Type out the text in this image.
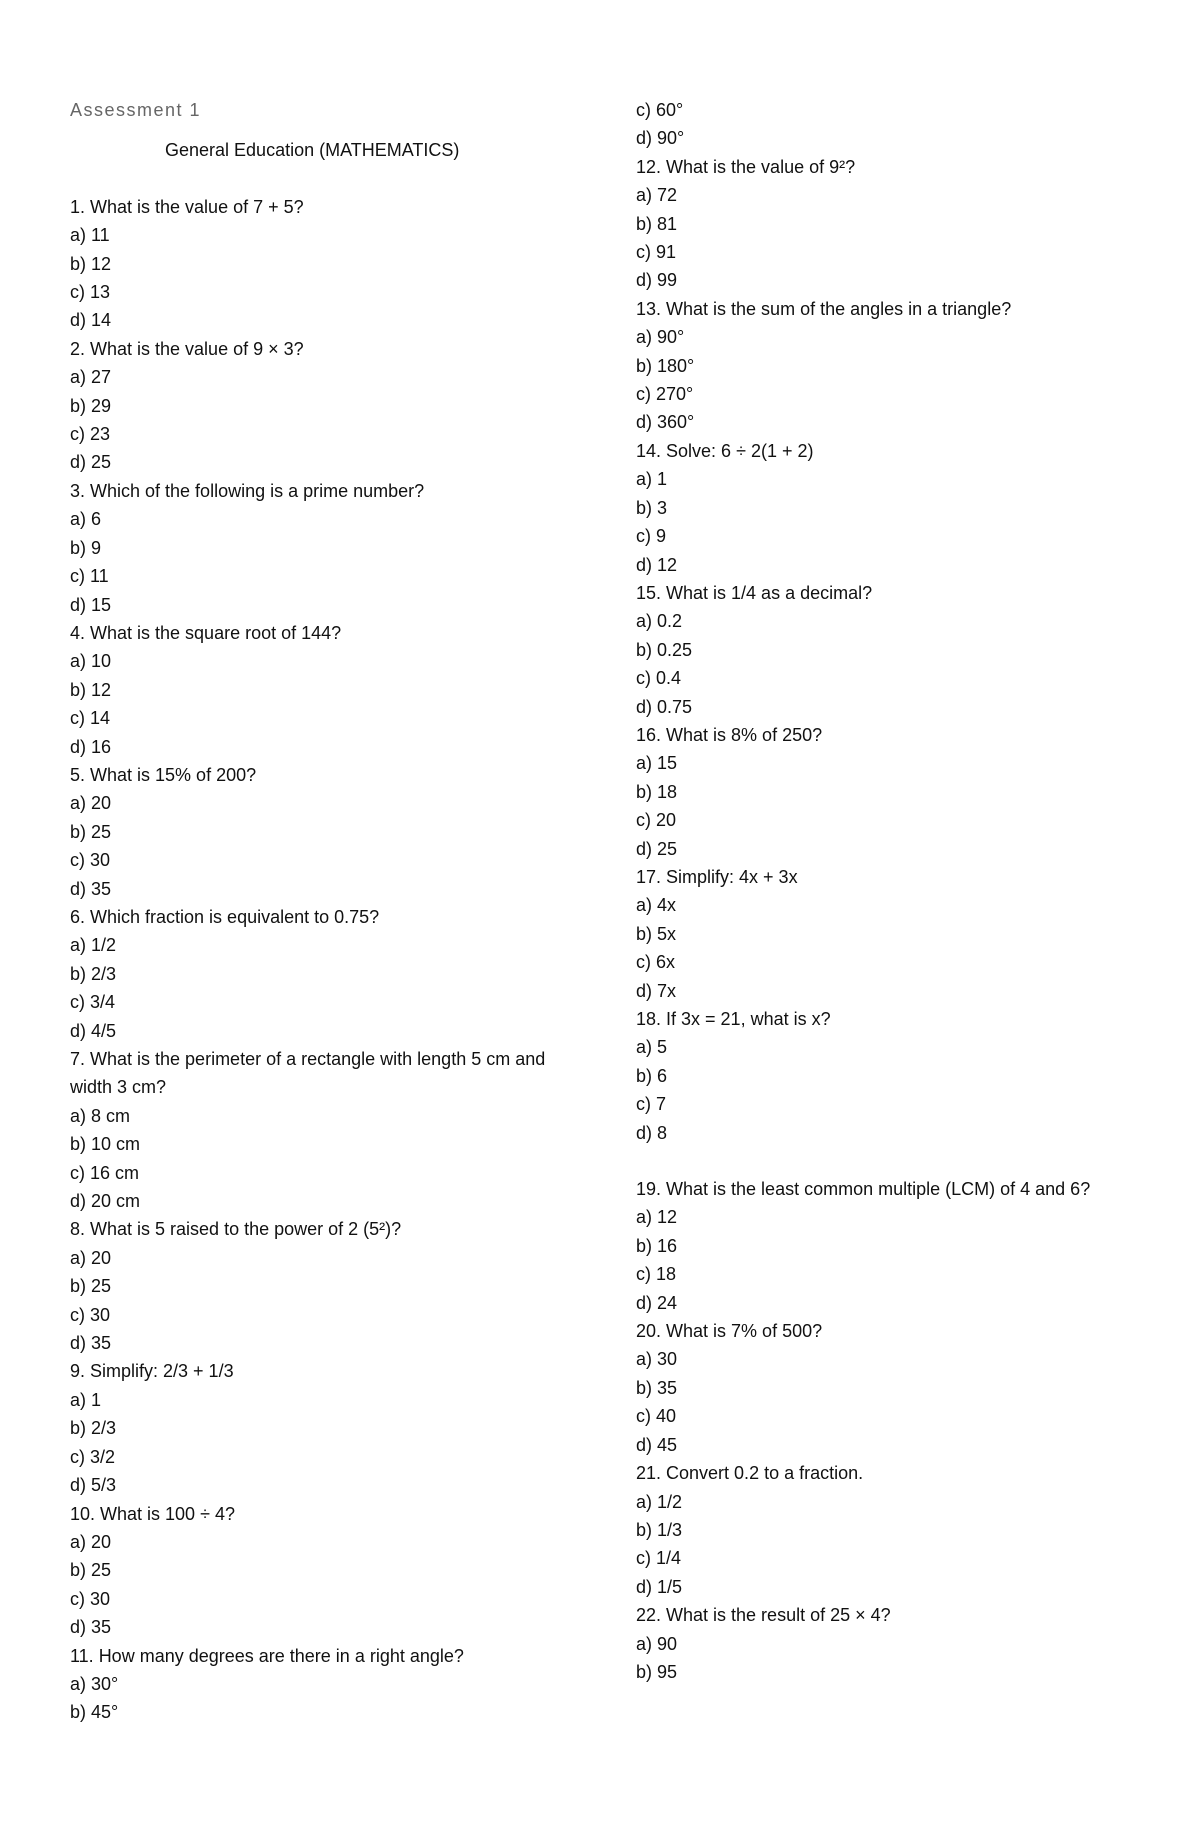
Assessment 1
General Education (MATHEMATICS)
1. What is the value of 7 + 5?
a) 11
b) 12
c) 13
d) 14
2. What is the value of 9 × 3?
a) 27
b) 29
c) 23
d) 25
3. Which of the following is a prime number?
a) 6
b) 9
c) 11
d) 15
4. What is the square root of 144?
a) 10
b) 12
c) 14
d) 16
5. What is 15% of 200?
a) 20
b) 25
c) 30
d) 35
6. Which fraction is equivalent to 0.75?
a) 1/2
b) 2/3
c) 3/4
d) 4/5
7. What is the perimeter of a rectangle with length 5 cm and width 3 cm?
a) 8 cm
b) 10 cm
c) 16 cm
d) 20 cm
8. What is 5 raised to the power of 2 (5²)?
a) 20
b) 25
c) 30
d) 35
9. Simplify: 2/3 + 1/3
a) 1
b) 2/3
c) 3/2
d) 5/3
10. What is 100 ÷ 4?
a) 20
b) 25
c) 30
d) 35
11. How many degrees are there in a right angle?
a) 30°
b) 45°
c) 60°
d) 90°
12. What is the value of 9²?
a) 72
b) 81
c) 91
d) 99
13. What is the sum of the angles in a triangle?
a) 90°
b) 180°
c) 270°
d) 360°
14. Solve: 6 ÷ 2(1 + 2)
a) 1
b) 3
c) 9
d) 12
15. What is 1/4 as a decimal?
a) 0.2
b) 0.25
c) 0.4
d) 0.75
16. What is 8% of 250?
a) 15
b) 18
c) 20
d) 25
17. Simplify: 4x + 3x
a) 4x
b) 5x
c) 6x
d) 7x
18. If 3x = 21, what is x?
a) 5
b) 6
c) 7
d) 8
19. What is the least common multiple (LCM) of 4 and 6?
a) 12
b) 16
c) 18
d) 24
20. What is 7% of 500?
a) 30
b) 35
c) 40
d) 45
21. Convert 0.2 to a fraction.
a) 1/2
b) 1/3
c) 1/4
d) 1/5
22. What is the result of 25 × 4?
a) 90
b) 95
